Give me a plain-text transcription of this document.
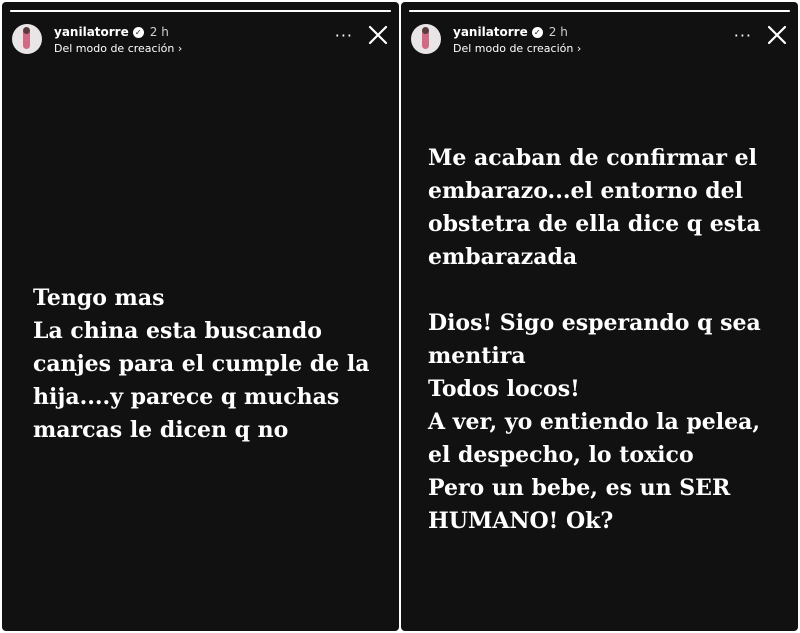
yanilatorre ✓ 2 h
Del modo de creación ›
···
Tengo mas
La china esta buscando canjes para el cumple de la hija....y parece q muchas marcas le dicen q no
yanilatorre ✓ 2 h
Del modo de creación ›
···
Me acaban de confirmar el embarazo...el entorno del obstetra de ella dice q esta embarazada

Dios! Sigo esperando q sea mentira
Todos locos!
A ver, yo entiendo la pelea, el despecho, lo toxico
Pero un bebe, es un SER HUMANO! Ok?
